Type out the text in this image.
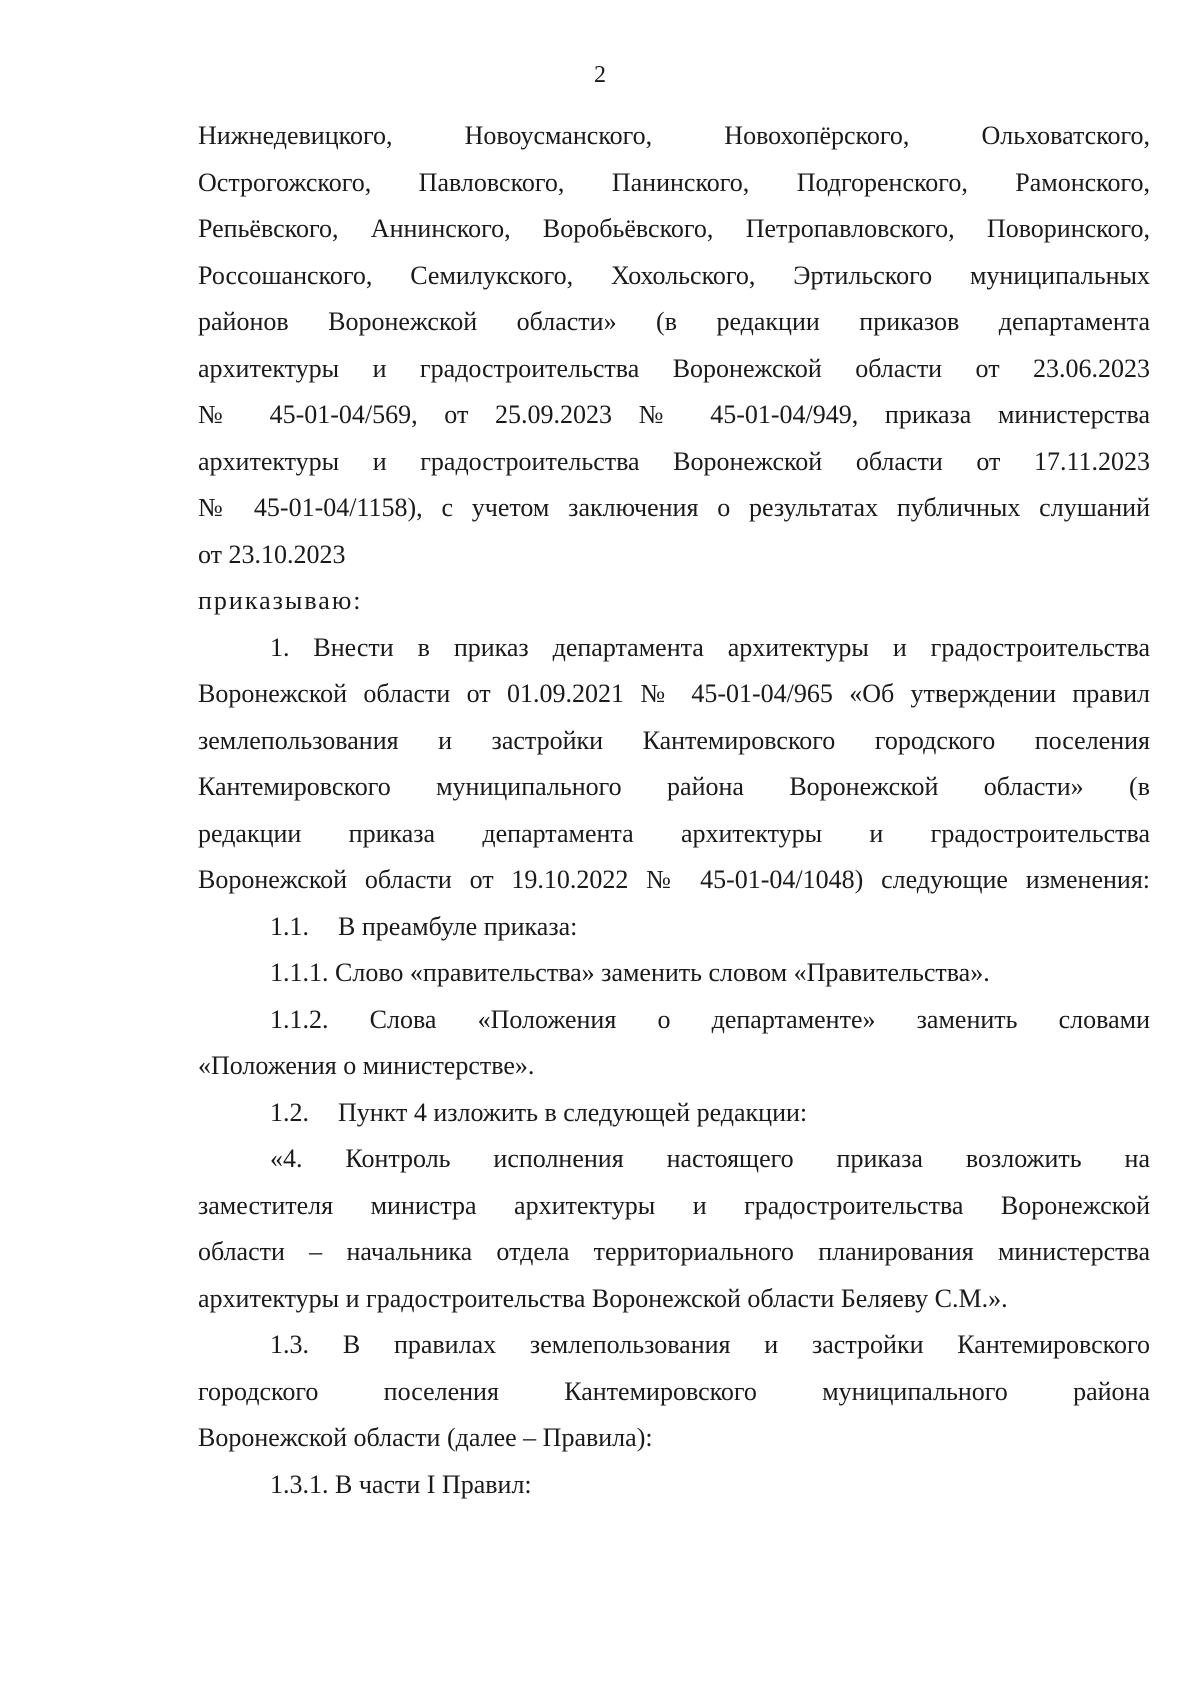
2
Нижнедевицкого, Новоусманского, Новохопёрского, Ольховатского,
Острогожского, Павловского, Панинского, Подгоренского, Рамонского,
Репьёвского, Аннинского, Воробьёвского, Петропавловского, Поворинского,
Россошанского, Семилукского, Хохольского, Эртильского муниципальных
районов Воронежской области» (в редакции приказов департамента
архитектуры и градостроительства Воронежской области от 23.06.2023
№ 45-01-04/569, от 25.09.2023 № 45-01-04/949, приказа министерства
архитектуры и градостроительства Воронежской области от 17.11.2023
№ 45-01-04/1158), с учетом заключения о результатах публичных слушаний
от 23.10.2023
приказываю:
1. Внести в приказ департамента архитектуры и градостроительства
Воронежской области от 01.09.2021 № 45-01-04/965 «Об утверждении правил
землепользования и застройки Кантемировского городского поселения
Кантемировского муниципального района Воронежской области» (в
редакции приказа департамента архитектуры и градостроительства
Воронежской области от 19.10.2022 № 45-01-04/1048) следующие изменения:
1.1. В преамбуле приказа:
1.1.1. Слово «правительства» заменить словом «Правительства».
1.1.2. Слова «Положения о департаменте» заменить словами
«Положения о министерстве».
1.2. Пункт 4 изложить в следующей редакции:
«4. Контроль исполнения настоящего приказа возложить на
заместителя министра архитектуры и градостроительства Воронежской
области – начальника отдела территориального планирования министерства
архитектуры и градостроительства Воронежской области Беляеву С.М.».
1.3. В правилах землепользования и застройки Кантемировского
городского поселения Кантемировского муниципального района
Воронежской области (далее – Правила):
1.3.1. В части I Правил:
